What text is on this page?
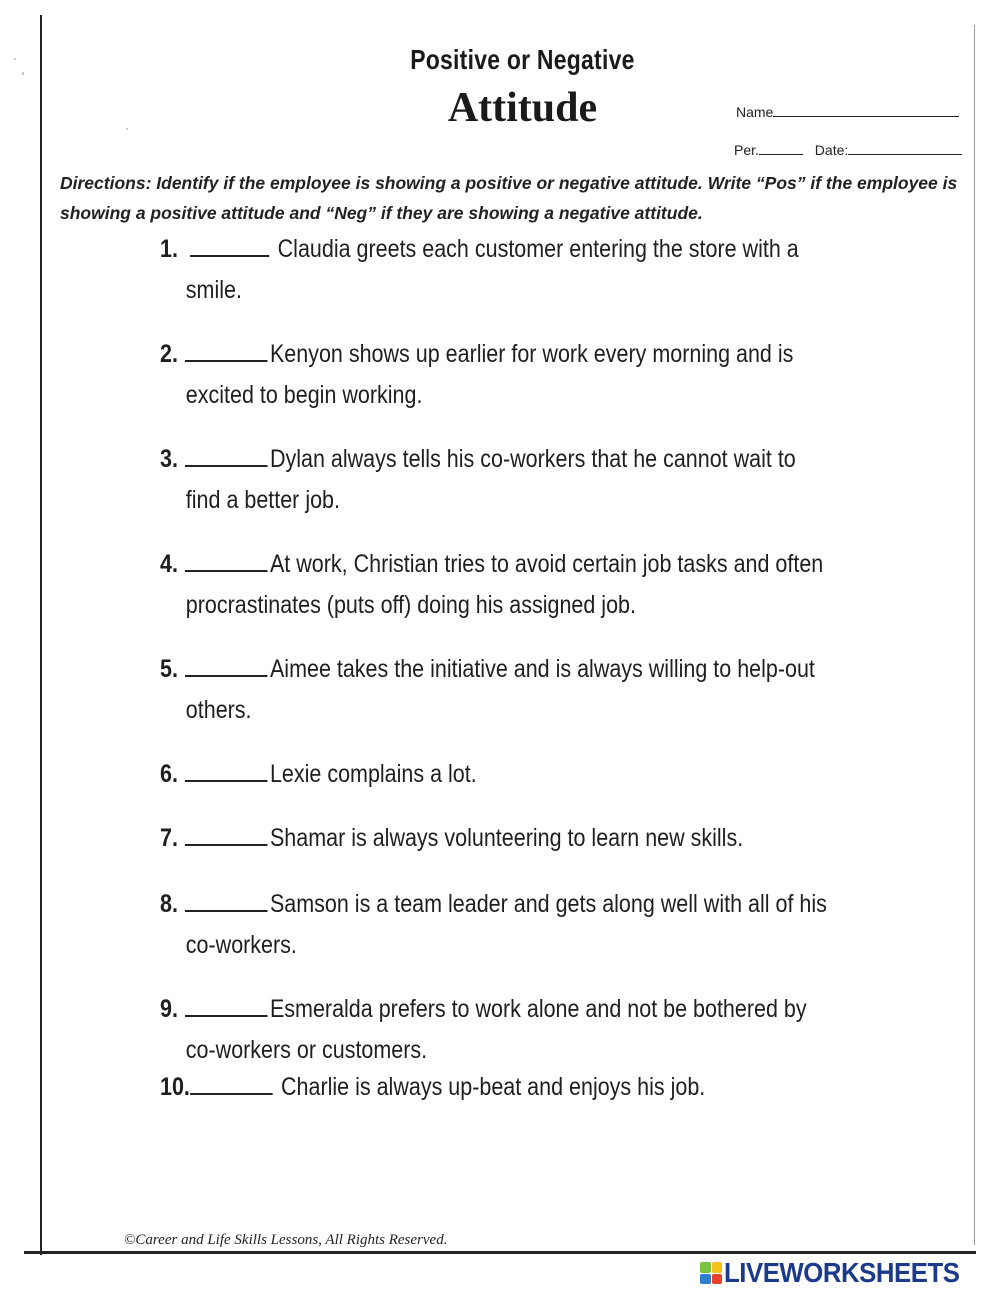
Positive or Negative
Attitude	Name
Per.	Date:
Directions: Identify if the employee is showing a positive or negative attitude. Write “Pos” if the employee is showing a positive attitude and “Neg” if they are showing a negative attitude.
1.	Claudia greets each customer entering the store with a
smile.
2.	Kenyon shows up earlier for work every morning and is
excited to begin working.
3.	Dylan always tells his co-workers that he cannot wait to
find a better job.
4.	At work, Christian tries to avoid certain job tasks and often
procrastinates (puts off) doing his assigned job.
5.	Aimee takes the initiative and is always willing to help-out
others.
6.	Lexie complains a lot.
7.	Shamar is always volunteering to learn new skills.
8.	Samson is a team leader and gets along well with all of his
co-workers.
9.	Esmeralda prefers to work alone and not be bothered by
co-workers or customers.
10.	Charlie is always up-beat and enjoys his job.
©Career and Life Skills Lessons, All Rights Reserved.
LIVEWORKSHEETS
